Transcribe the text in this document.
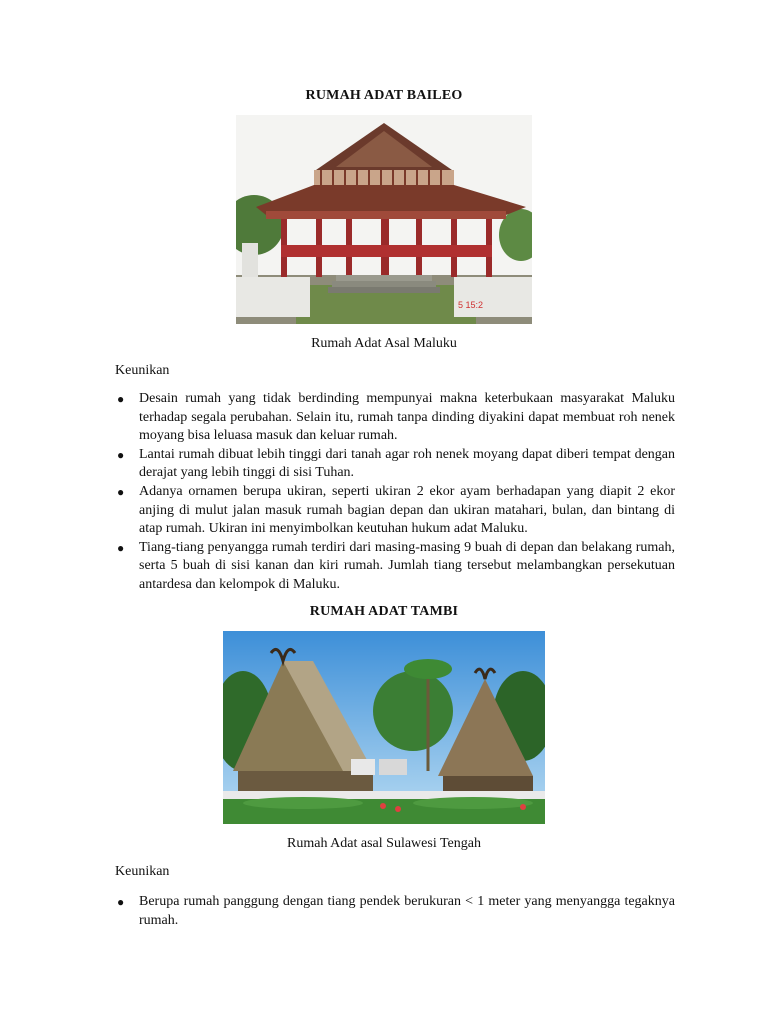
RUMAH ADAT BAILEO
5 15:2
Rumah Adat Asal Maluku
Keunikan
● Desain rumah yang tidak berdinding mempunyai makna keterbukaan masyarakat Maluku terhadap segala perubahan. Selain itu, rumah tanpa dinding diyakini dapat membuat roh nenek moyang bisa leluasa masuk dan keluar rumah.
● Lantai rumah dibuat lebih tinggi dari tanah agar roh nenek moyang dapat diberi tempat dengan derajat yang lebih tinggi di sisi Tuhan.
● Adanya ornamen berupa ukiran, seperti ukiran 2 ekor ayam berhadapan yang diapit 2 ekor anjing di mulut jalan masuk rumah bagian depan dan ukiran matahari, bulan, dan bintang di atap rumah. Ukiran ini menyimbolkan keutuhan hukum adat Maluku.
● Tiang-tiang penyangga rumah terdiri dari masing-masing 9 buah di depan dan belakang rumah, serta 5 buah di sisi kanan dan kiri rumah. Jumlah tiang tersebut melambangkan persekutuan antardesa dan kelompok di Maluku.
RUMAH ADAT TAMBI
Rumah Adat asal Sulawesi Tengah
Keunikan
● Berupa rumah panggung dengan tiang pendek berukuran < 1 meter yang menyangga tegaknya rumah.
